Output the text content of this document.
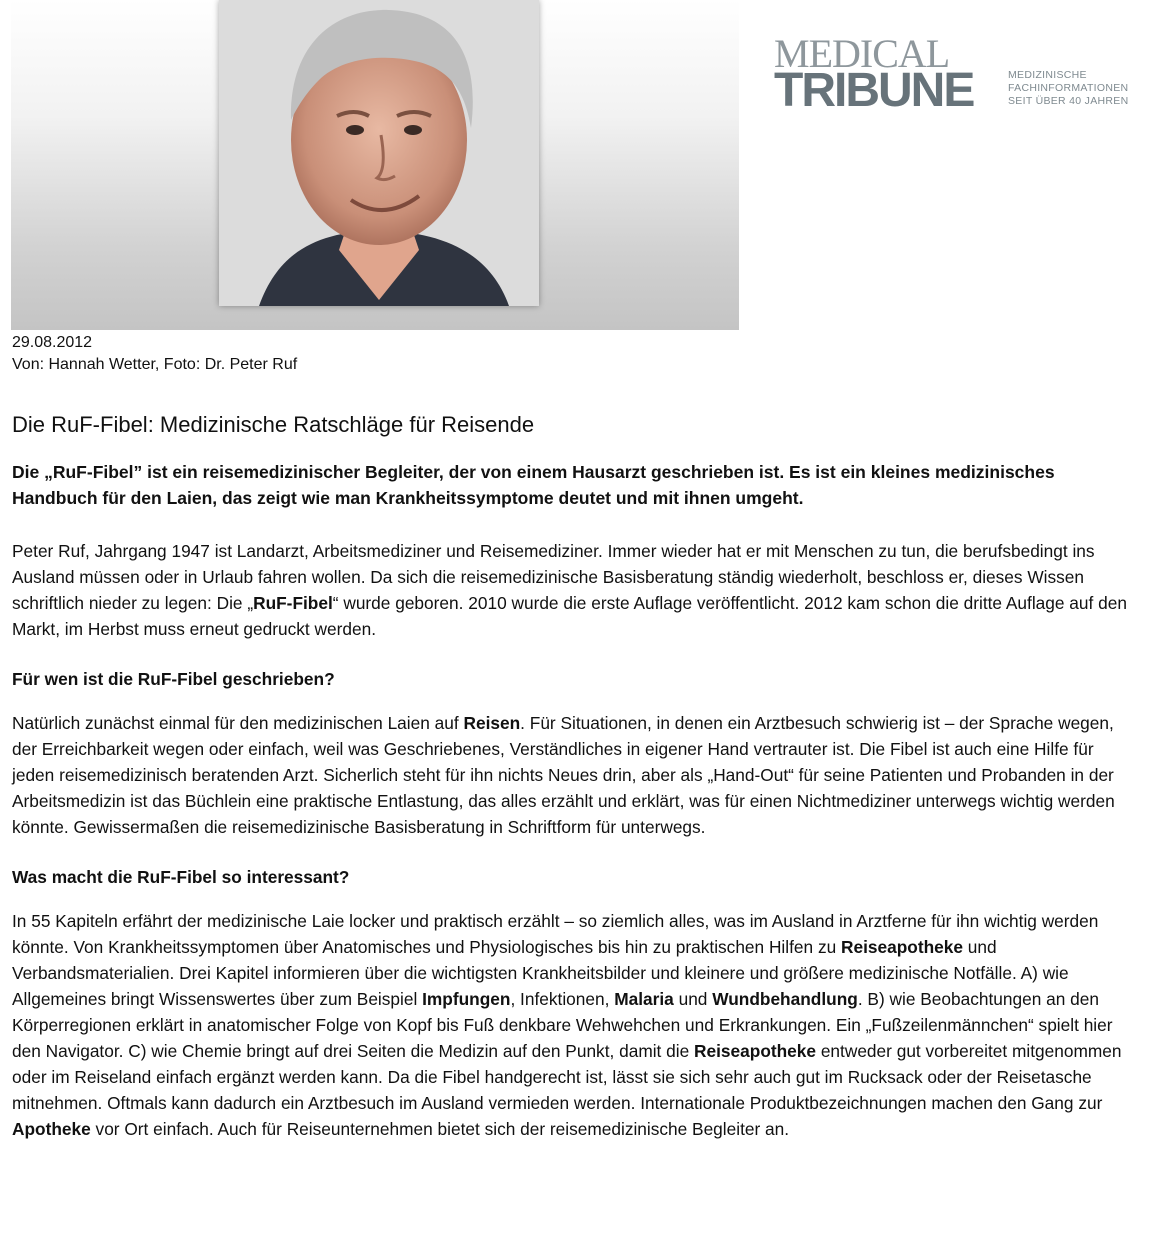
MEDICAL
TRIBUNE	MEDIZINISCHE
FACHINFORMATIONEN
SEIT ÜBER 40 JAHREN
29.08.2012
Von: Hannah Wetter, Foto: Dr. Peter Ruf
Die RuF-Fibel: Medizinische Ratschläge für Reisende

Die „RuF-Fibel” ist ein reisemedizinischer Begleiter, der von einem Hausarzt geschrieben ist. Es ist ein kleines medizinisches Handbuch für den Laien, das zeigt wie man Krankheitssymptome deutet und mit ihnen umgeht.

Peter Ruf, Jahrgang 1947 ist Landarzt, Arbeitsmediziner und Reisemediziner. Immer wieder hat er mit Menschen zu tun, die berufsbedingt ins Ausland müssen oder in Urlaub fahren wollen. Da sich die reisemedizinische Basisberatung ständig wiederholt, beschloss er, dieses Wissen schriftlich nieder zu legen: Die „RuF-Fibel“ wurde geboren. 2010 wurde die erste Auflage veröffentlicht. 2012 kam schon die dritte Auflage auf den Markt, im Herbst muss erneut gedruckt werden.

Für wen ist die RuF-Fibel geschrieben?

Natürlich zunächst einmal für den medizinischen Laien auf Reisen. Für Situationen, in denen ein Arztbesuch schwierig ist – der Sprache wegen, der Erreichbarkeit wegen oder einfach, weil was Geschriebenes, Verständliches in eigener Hand vertrauter ist. Die Fibel ist auch eine Hilfe für jeden reisemedizinisch beratenden Arzt. Sicherlich steht für ihn nichts Neues drin, aber als „Hand-Out“ für seine Patienten und Probanden in der Arbeitsmedizin ist das Büchlein eine praktische Entlastung, das alles erzählt und erklärt, was für einen Nichtmediziner unterwegs wichtig werden könnte. Gewissermaßen die reisemedizinische Basisberatung in Schriftform für unterwegs.

Was macht die RuF-Fibel so interessant?

In 55 Kapiteln erfährt der medizinische Laie locker und praktisch erzählt – so ziemlich alles, was im Ausland in Arztferne für ihn wichtig werden könnte. Von Krankheitssymptomen über Anatomisches und Physiologisches bis hin zu praktischen Hilfen zu Reiseapotheke und Verbandsmaterialien. Drei Kapitel informieren über die wichtigsten Krankheitsbilder und kleinere und größere medizinische Notfälle. A) wie Allgemeines bringt Wissenswertes über zum Beispiel Impfungen, Infektionen, Malaria und Wundbehandlung. B) wie Beobachtungen an den Körperregionen erklärt in anatomischer Folge von Kopf bis Fuß denkbare Wehwehchen und Erkrankungen. Ein „Fußzeilenmännchen“ spielt hier den Navigator. C) wie Chemie bringt auf drei Seiten die Medizin auf den Punkt, damit die Reiseapotheke entweder gut vorbereitet mitgenommen oder im Reiseland einfach ergänzt werden kann. Da die Fibel handgerecht ist, lässt sie sich sehr auch gut im Rucksack oder der Reisetasche mitnehmen. Oftmals kann dadurch ein Arztbesuch im Ausland vermieden werden. Internationale Produktbezeichnungen machen den Gang zur Apotheke vor Ort einfach. Auch für Reiseunternehmen bietet sich der reisemedizinische Begleiter an.
